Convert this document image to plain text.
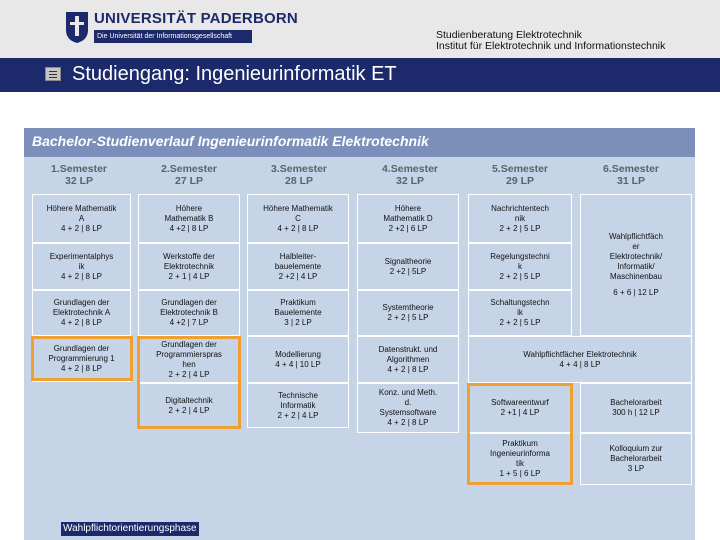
UNIVERSITÄT PADERBORN
Die Universität der Informationsgesellschaft	Studienberatung Elektrotechnik
Institut für Elektrotechnik und Informationstechnik
Studiengang: Ingenieurinformatik ET
Bachelor-Studienverlauf Ingenieurinformatik Elektrotechnik
1.Semester
32 LP
2.Semester
27 LP
3.Semester
28 LP
4.Semester
32 LP
5.Semester
29 LP
6.Semester
31 LP
Höhere Mathematik
A
4 + 2 | 8 LP
Experimentalphys
ik
4 + 2 | 8 LP
Grundlagen der
Elektrotechnik A
4 + 2 | 8 LP
Grundlagen der
Programmierung 1
4 + 2 | 8 LP
Höhere
Mathematik B
4 +2 | 8 LP
Werkstoffe der
Elektrotechnik
2 + 1 | 4 LP
Grundlagen der
Elektrotechnik B
4 +2 | 7 LP
Grundlagen der
Programmierspras
hen
2 + 2 | 4 LP
Digitaltechnik
2 + 2 | 4 LP
Höhere Mathematik
C
4 + 2 | 8 LP
Halbleiter-
bauelemente
2 +2 | 4 LP
Praktikum
Bauelemente
3 | 2 LP
Modellierung
4 + 4 | 10 LP
Technische
Informatik
2 + 2 | 4 LP
Höhere
Mathematik D
2 +2 | 6 LP
Signaltheorie
2 +2 | 5LP
Systemtheorie
2 + 2 | 5 LP
Datenstrukt. und
Algorithmen
4 + 2 | 8 LP
Konz. und Meth.
d.
Systemsoftware
4 + 2 | 8 LP
Nachrichtentech
nik
2 + 2 | 5 LP
Regelungstechni
k
2 + 2 | 5 LP
Schaltungstechn
ik
2 + 2 | 5 LP
Wahlpflichtfächer Elektrotechnik
4 + 4 | 8 LP
Softwareentwurf
2 +1 | 4 LP
Praktikum
Ingenieurinforma
tik
1 + 5 | 6 LP
Wahlpflichtfäch
er
Elektrotechnik/
Informatik/
Maschinenbau
6 + 6 | 12 LP
Bachelorarbeit
300 h | 12 LP
Kolloquium zur
Bachelorarbeit
3 LP
Wahlpflichtorientierungsphase
